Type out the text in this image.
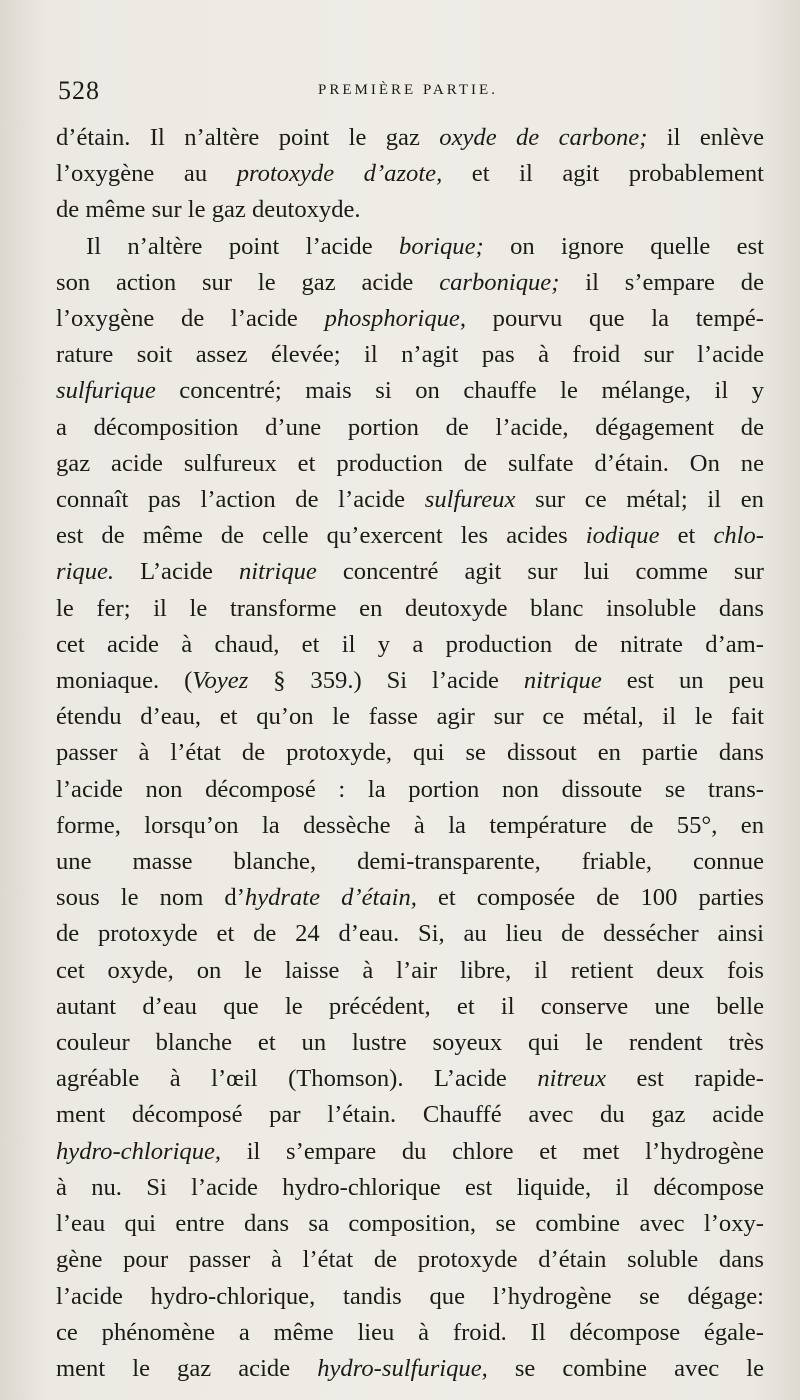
528	PREMIÈRE PARTIE.
d’étain. Il n’altère point le gaz oxyde de carbone; il enlève
l’oxygène au protoxyde d’azote, et il agit probablement
de même sur le gaz deutoxyde.
Il n’altère point l’acide borique; on ignore quelle est
son action sur le gaz acide carbonique; il s’empare de
l’oxygène de l’acide phosphorique, pourvu que la tempé-
rature soit assez élevée; il n’agit pas à froid sur l’acide
sulfurique concentré; mais si on chauffe le mélange, il y
a décomposition d’une portion de l’acide, dégagement de
gaz acide sulfureux et production de sulfate d’étain. On ne
connaît pas l’action de l’acide sulfureux sur ce métal; il en
est de même de celle qu’exercent les acides iodique et chlo-
rique. L’acide nitrique concentré agit sur lui comme sur
le fer; il le transforme en deutoxyde blanc insoluble dans
cet acide à chaud, et il y a production de nitrate d’am-
moniaque. (Voyez § 359.) Si l’acide nitrique est un peu
étendu d’eau, et qu’on le fasse agir sur ce métal, il le fait
passer à l’état de protoxyde, qui se dissout en partie dans
l’acide non décomposé : la portion non dissoute se trans-
forme, lorsqu’on la dessèche à la température de 55°, en
une masse blanche, demi-transparente, friable, connue
sous le nom d’hydrate d’étain, et composée de 100 parties
de protoxyde et de 24 d’eau. Si, au lieu de dessécher ainsi
cet oxyde, on le laisse à l’air libre, il retient deux fois
autant d’eau que le précédent, et il conserve une belle
couleur blanche et un lustre soyeux qui le rendent très
agréable à l’œil (Thomson). L’acide nitreux est rapide-
ment décomposé par l’étain. Chauffé avec du gaz acide
hydro-chlorique, il s’empare du chlore et met l’hydrogène
à nu. Si l’acide hydro-chlorique est liquide, il décompose
l’eau qui entre dans sa composition, se combine avec l’oxy-
gène pour passer à l’état de protoxyde d’étain soluble dans
l’acide hydro-chlorique, tandis que l’hydrogène se dégage:
ce phénomène a même lieu à froid. Il décompose égale-
ment le gaz acide hydro-sulfurique, se combine avec le
